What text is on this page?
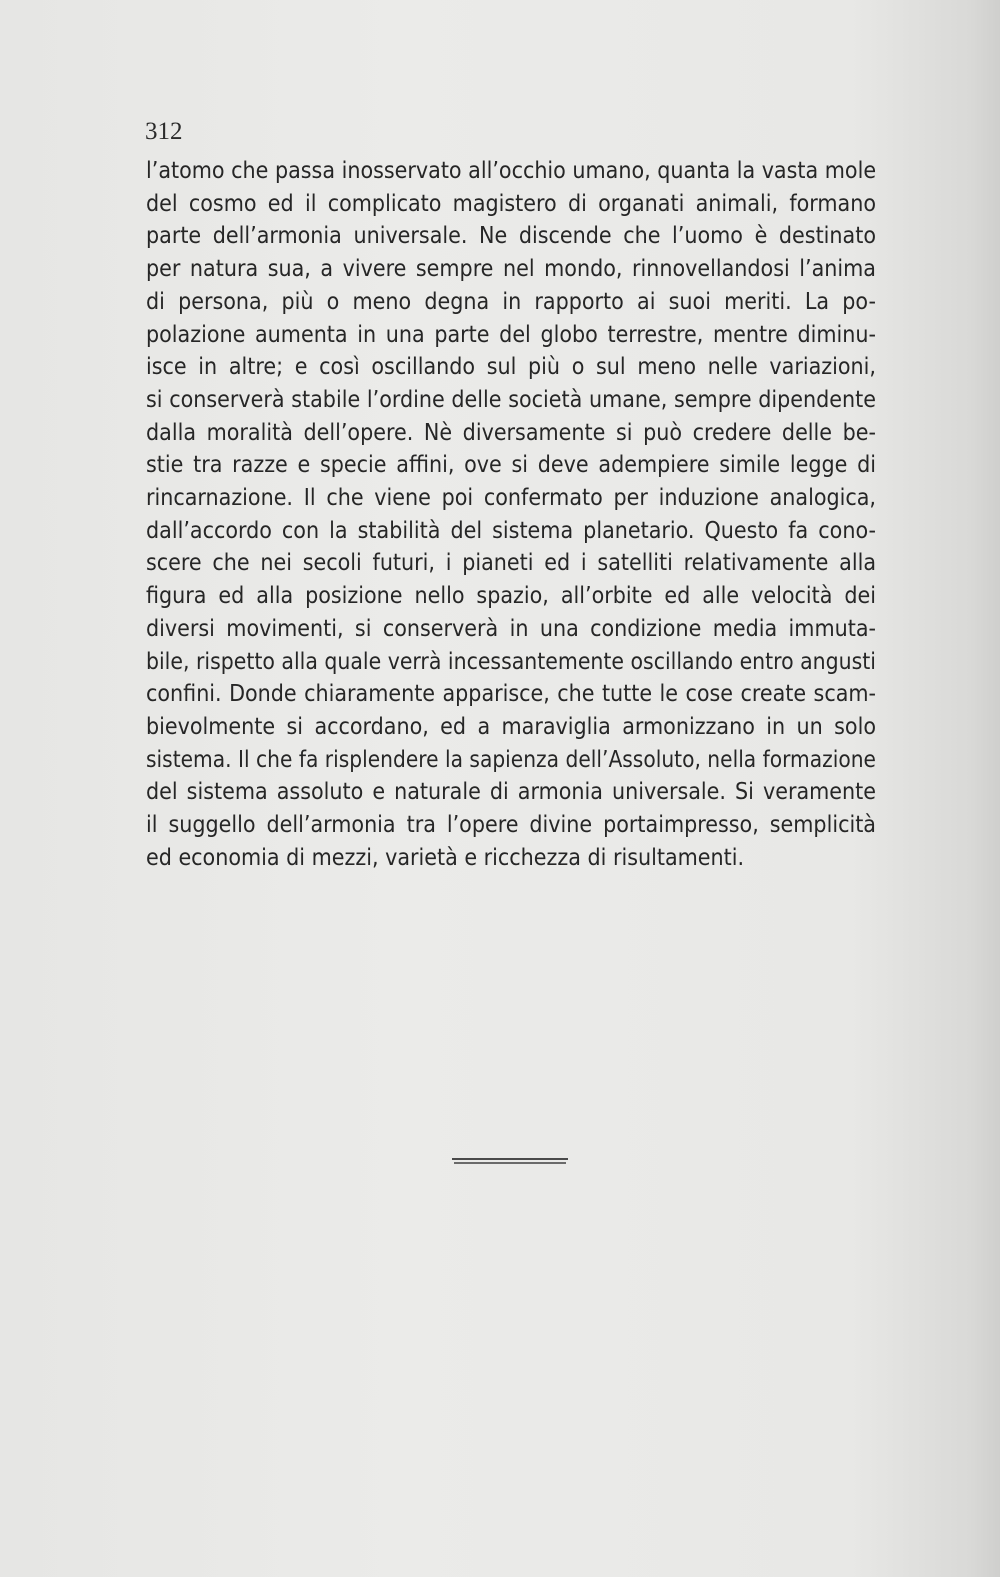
312
l’atomo che passa inosservato all’occhio umano, quanta la vasta mole
del cosmo ed il complicato magistero di organati animali, formano
parte dell’armonia universale. Ne discende che l’uomo è destinato
per natura sua, a vivere sempre nel mondo, rinnovellandosi l’anima
di persona, più o meno degna in rapporto ai suoi meriti. La po-
polazione aumenta in una parte del globo terrestre, mentre diminu-
isce in altre; e così oscillando sul più o sul meno nelle variazioni,
si conserverà stabile l’ordine delle società umane, sempre dipendente
dalla moralità dell’opere. Nè diversamente si può credere delle be-
stie tra razze e specie affini, ove si deve adempiere simile legge di
rincarnazione. Il che viene poi confermato per induzione analogica,
dall’accordo con la stabilità del sistema planetario. Questo fa cono-
scere che nei secoli futuri, i pianeti ed i satelliti relativamente alla
figura ed alla posizione nello spazio, all’orbite ed alle velocità dei
diversi movimenti, si conserverà in una condizione media immuta-
bile, rispetto alla quale verrà incessantemente oscillando entro angusti
confini. Donde chiaramente apparisce, che tutte le cose create scam-
bievolmente si accordano, ed a maraviglia armonizzano in un solo
sistema. Il che fa risplendere la sapienza dell’Assoluto, nella formazione
del sistema assoluto e naturale di armonia universale. Si veramente
il suggello dell’armonia tra l’opere divine portaimpresso, semplicità
ed economia di mezzi, varietà e ricchezza di risultamenti.
